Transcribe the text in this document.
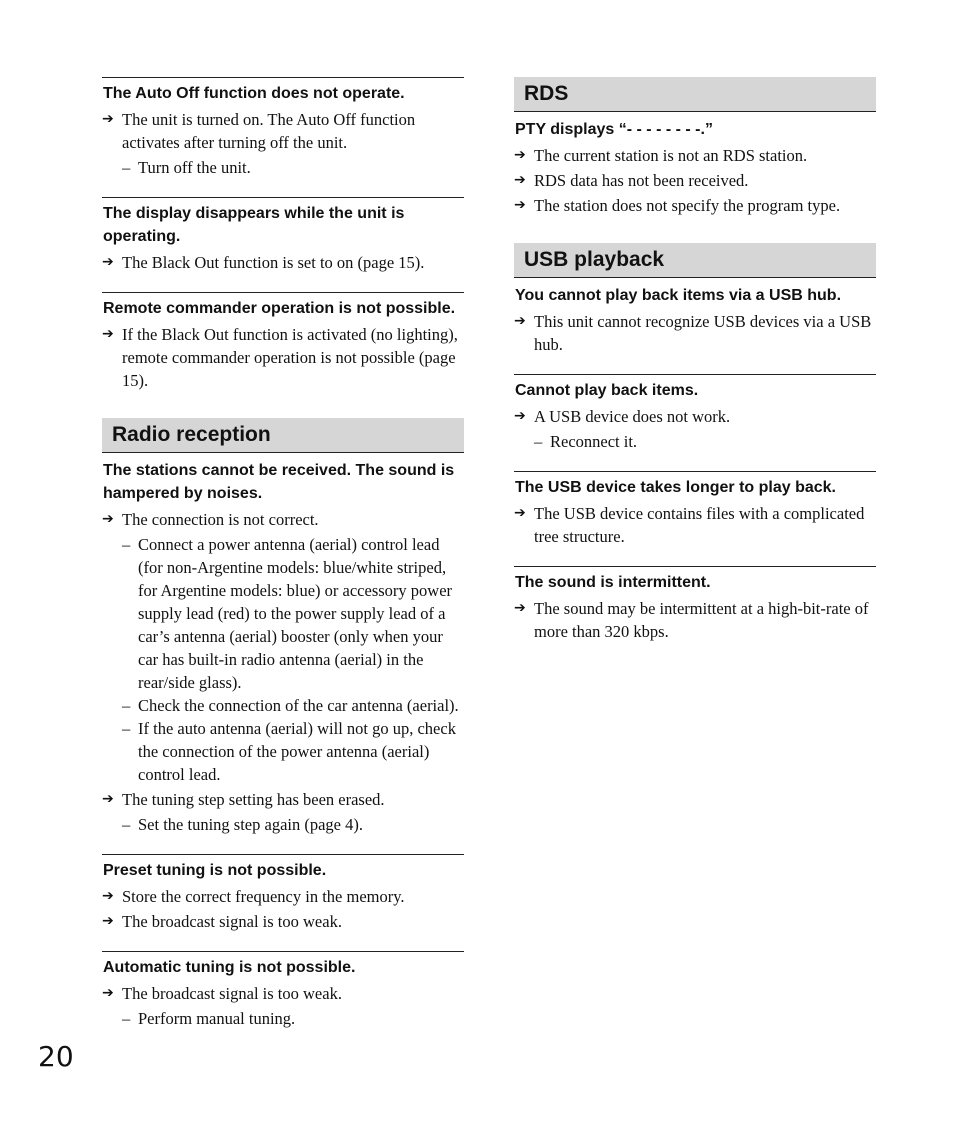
The Auto Off function does not operate.
➔ The unit is turned on. The Auto Off function activates after turning off the unit.
– Turn off the unit.
The display disappears while the unit is operating.
➔ The Black Out function is set to on (page 15).
Remote commander operation is not possible.
➔ If the Black Out function is activated (no lighting), remote commander operation is not possible (page 15).
Radio reception
The stations cannot be received. The sound is hampered by noises.
➔ The connection is not correct.
– Connect a power antenna (aerial) control lead (for non-Argentine models: blue/white striped, for Argentine models: blue) or accessory power supply lead (red) to the power supply lead of a car’s antenna (aerial) booster (only when your car has built-in radio antenna (aerial) in the rear/side glass).
– Check the connection of the car antenna (aerial).
– If the auto antenna (aerial) will not go up, check the connection of the power antenna (aerial) control lead.
➔ The tuning step setting has been erased.
– Set the tuning step again (page 4).
Preset tuning is not possible.
➔ Store the correct frequency in the memory.
➔ The broadcast signal is too weak.
Automatic tuning is not possible.
➔ The broadcast signal is too weak.
– Perform manual tuning.
RDS
PTY displays “- - - - - - - -.”
➔ The current station is not an RDS station.
➔ RDS data has not been received.
➔ The station does not specify the program type.
USB playback
You cannot play back items via a USB hub.
➔ This unit cannot recognize USB devices via a USB hub.
Cannot play back items.
➔ A USB device does not work.
– Reconnect it.
The USB device takes longer to play back.
➔ The USB device contains files with a complicated tree structure.
The sound is intermittent.
➔ The sound may be intermittent at a high-bit-rate of more than 320 kbps.
20
